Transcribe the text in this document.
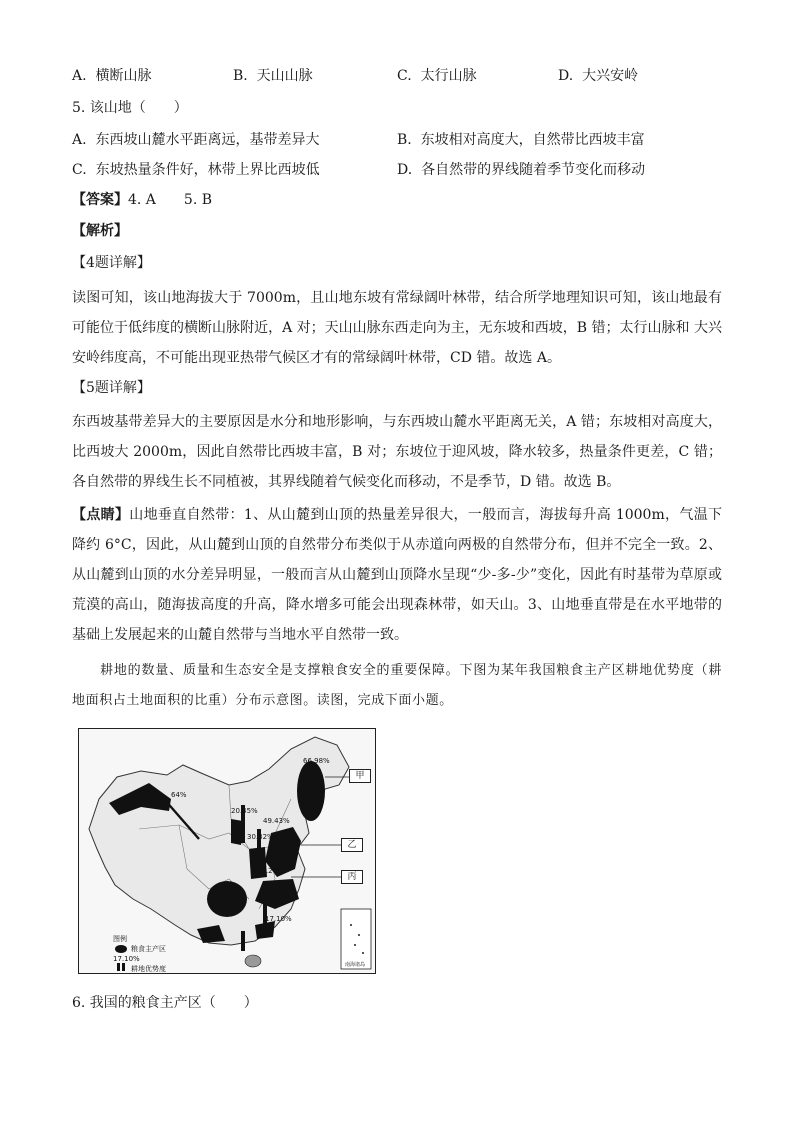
A. 横断山脉	B. 天山山脉	C. 太行山脉	D. 大兴安岭
5. 该山地（　　）
A. 东西坡山麓水平距离远，基带差异大	B. 东坡相对高度大，自然带比西坡丰富
C. 东坡热量条件好，林带上界比西坡低	D. 各自然带的界线随着季节变化而移动
【答案】4. A　　5. B
【解析】
【4题详解】
读图可知，该山地海拔大于 7000m，且山地东坡有常绿阔叶林带，结合所学地理知识可知，该山地最有可能位于低纬度的横断山脉附近，A 对；天山山脉东西走向为主，无东坡和西坡，B 错；太行山脉和 大兴安岭纬度高，不可能出现亚热带气候区才有的常绿阔叶林带，CD 错。故选 A。
【5题详解】
东西坡基带差异大的主要原因是水分和地形影响，与东西坡山麓水平距离无关，A 错；东坡相对高度大，比西坡大 2000m，因此自然带比西坡丰富，B 对；东坡位于迎风坡，降水较多，热量条件更差，C 错；各自然带的界线生长不同植被，其界线随着气候变化而移动，不是季节，D 错。故选 B。
【点睛】山地垂直自然带：1、从山麓到山顶的热量差异很大，一般而言，海拔每升高 1000m，气温下降约 6°C，因此，从山麓到山顶的自然带分布类似于从赤道向两极的自然带分布，但并不完全一致。2、从山麓到山顶的水分差异明显，一般而言从山麓到山顶降水呈现“少-多-少”变化，因此有时基带为草原或荒漠的高山，随海拔高度的升高，降水增多可能会出现森林带，如天山。3、山地垂直带是在水平地带的基础上发展起来的山麓自然带与当地水平自然带一致。
耕地的数量、质量和生态安全是支撑粮食安全的重要保障。下图为某年我国粮食主产区耕地优势度（耕地面积占土地面积的比重）分布示意图。读图，完成下面小题。
甲
乙
丙
64%
20.45%
66.98%
49.43%
30.32%
56.27%
17.10%
图例
粮食主产区
17.10%
耕地优势度	南海诸岛
6. 我国的粮食主产区（　　）
